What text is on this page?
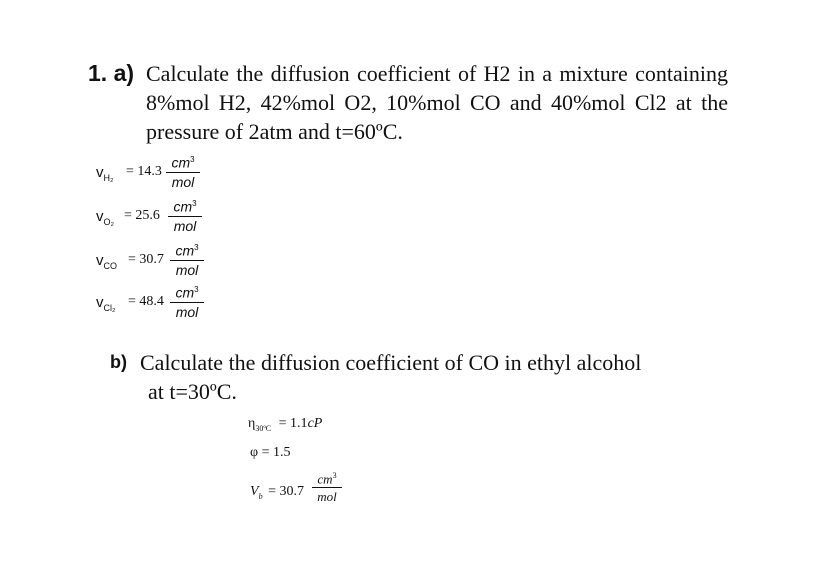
1. a) Calculate the diffusion coefficient of H2 in a mixture containing 8%mol H2, 42%mol O2, 10%mol CO and 40%mol Cl2 at the pressure of 2atm and t=60ºC.
$v_{H_2} = 14.3$
$cm^3$
mol
$v_{O_2} = 25.6$
$cm^3$
mol
$v_{CO} = 30.7$
$cm^3$
mol
$v_{Cl_2} = 48.4$
$cm^3$
mol
b) Calculate the diffusion coefficient of CO in ethyl alcohol
at t=30ºC.
$\eta_{30ºC} = 1.1cP$
φ = 1.5
$V_b = 30.7$
$cm^3$
mol
